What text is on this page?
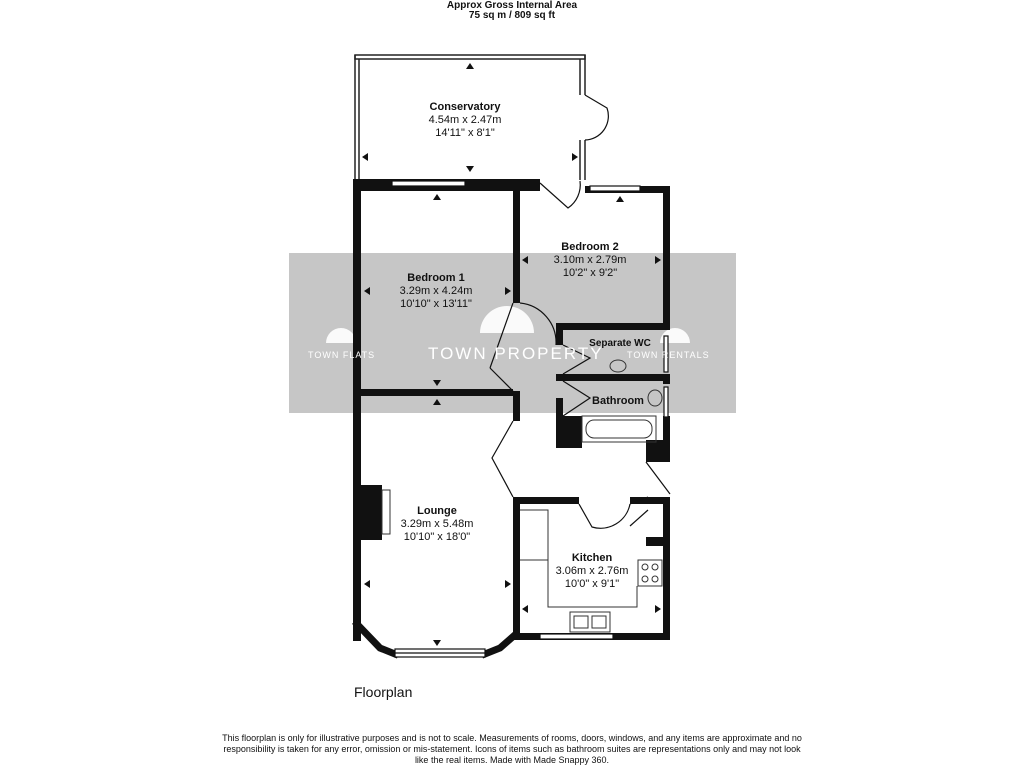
Approx Gross Internal Area
75 sq m / 809 sq ft
TOWN FLATS	TOWN PROPERTY	TOWN RENTALS
Conservatory
4.54m x 2.47m
14'11" x 8'1"
Bedroom 2
3.10m x 2.79m
10'2" x 9'2"
Bedroom 1
3.29m x 4.24m
10'10" x 13'11"
Separate WC
Bathroom
Lounge
3.29m x 5.48m
10'10" x 18'0"
Kitchen
3.06m x 2.76m
10'0" x 9'1"
Floorplan
This floorplan is only for illustrative purposes and is not to scale. Measurements of rooms, doors, windows, and any items are approximate and no responsibility is taken for any error, omission or mis-statement. Icons of items such as bathroom suites are representations only and may not look like the real items. Made with Made Snappy 360.
